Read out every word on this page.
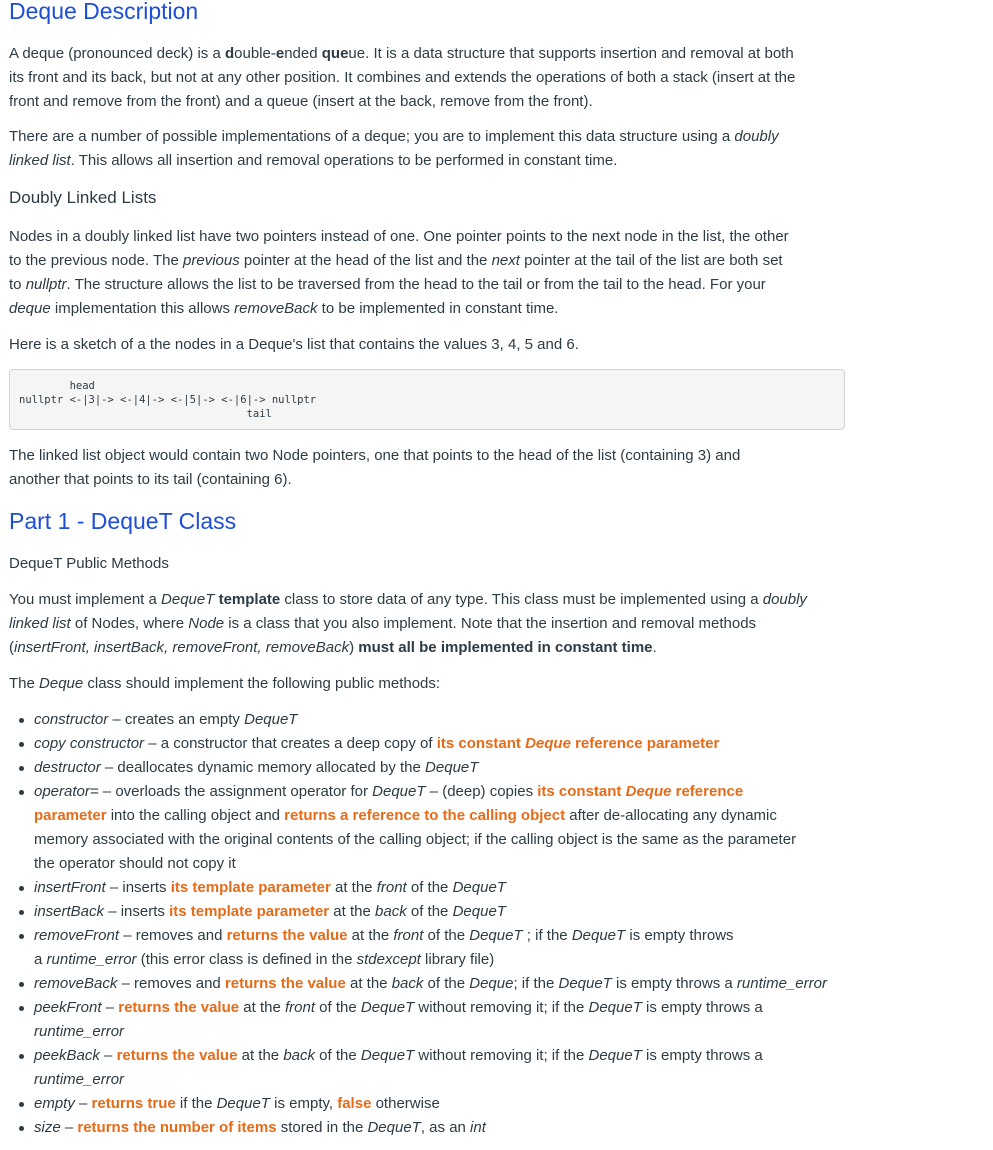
Deque Description
A deque (pronounced deck) is a double-ended queue. It is a data structure that supports insertion and removal at both
its front and its back, but not at any other position. It combines and extends the operations of both a stack (insert at the
front and remove from the front) and a queue (insert at the back, remove from the front).
There are a number of possible implementations of a deque; you are to implement this data structure using a doubly
linked list. This allows all insertion and removal operations to be performed in constant time.
Doubly Linked Lists
Nodes in a doubly linked list have two pointers instead of one. One pointer points to the next node in the list, the other
to the previous node. The previous pointer at the head of the list and the next pointer at the tail of the list are both set
to nullptr. The structure allows the list to be traversed from the head to the tail or from the tail to the head. For your
deque implementation this allows removeBack to be implemented in constant time.
Here is a sketch of a the nodes in a Deque's list that contains the values 3, 4, 5 and 6.
head
nullptr <-|3|-> <-|4|-> <-|5|-> <-|6|-> nullptr
tail
The linked list object would contain two Node pointers, one that points to the head of the list (containing 3) and
another that points to its tail (containing 6).
Part 1 - DequeT Class
DequeT Public Methods
You must implement a DequeT template class to store data of any type. This class must be implemented using a doubly
linked list of Nodes, where Node is a class that you also implement. Note that the insertion and removal methods
(insertFront, insertBack, removeFront, removeBack) must all be implemented in constant time.
The Deque class should implement the following public methods:
constructor – creates an empty DequeT
copy constructor – a constructor that creates a deep copy of its constant Deque reference parameter
destructor – deallocates dynamic memory allocated by the DequeT
operator= – overloads the assignment operator for DequeT – (deep) copies its constant Deque reference
parameter into the calling object and returns a reference to the calling object after de-allocating any dynamic
memory associated with the original contents of the calling object; if the calling object is the same as the parameter
the operator should not copy it
insertFront – inserts its template parameter at the front of the DequeT
insertBack – inserts its template parameter at the back of the DequeT
removeFront – removes and returns the value at the front of the DequeT ; if the DequeT is empty throws
a runtime_error (this error class is defined in the stdexcept library file)
removeBack – removes and returns the value at the back of the Deque; if the DequeT is empty throws a runtime_error
peekFront – returns the value at the front of the DequeT without removing it; if the DequeT is empty throws a
runtime_error
peekBack – returns the value at the back of the DequeT without removing it; if the DequeT is empty throws a
runtime_error
empty – returns true if the DequeT is empty, false otherwise
size – returns the number of items stored in the DequeT, as an int
